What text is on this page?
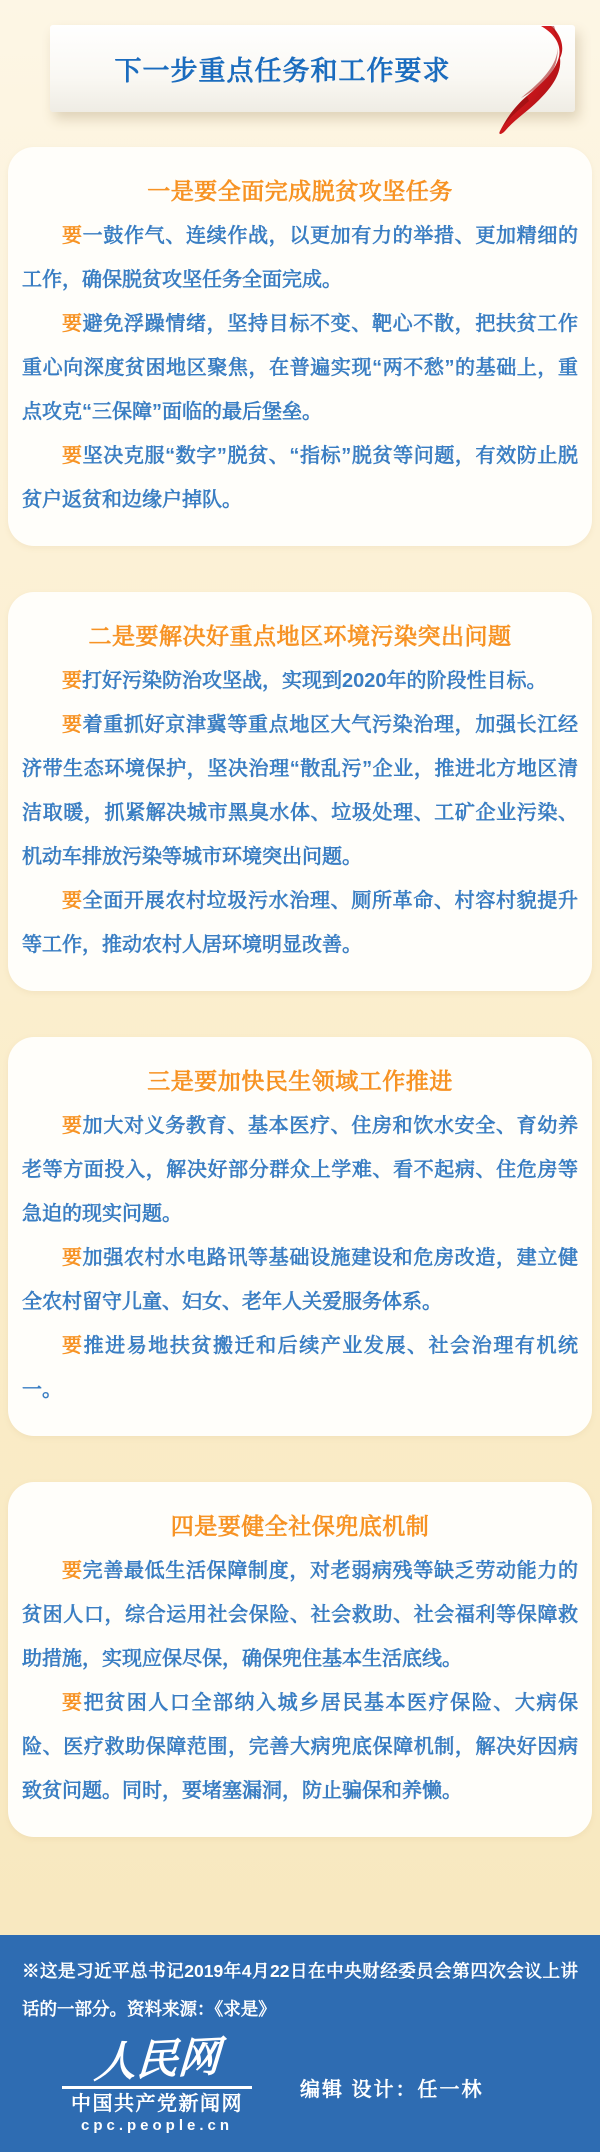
下一步重点任务和工作要求
一是要全面完成脱贫攻坚任务

要一鼓作气、连续作战，以更加有力的举措、更加精细的工作，确保脱贫攻坚任务全面完成。

要避免浮躁情绪，坚持目标不变、靶心不散，把扶贫工作重心向深度贫困地区聚焦，在普遍实现“两不愁”的基础上，重点攻克“三保障”面临的最后堡垒。

要坚决克服“数字”脱贫、“指标”脱贫等问题，有效防止脱贫户返贫和边缘户掉队。

二是要解决好重点地区环境污染突出问题

要打好污染防治攻坚战，实现到2020年的阶段性目标。

要着重抓好京津冀等重点地区大气污染治理，加强长江经济带生态环境保护，坚决治理“散乱污”企业，推进北方地区清洁取暖，抓紧解决城市黑臭水体、垃圾处理、工矿企业污染、机动车排放污染等城市环境突出问题。

要全面开展农村垃圾污水治理、厕所革命、村容村貌提升等工作，推动农村人居环境明显改善。

三是要加快民生领域工作推进

要加大对义务教育、基本医疗、住房和饮水安全、育幼养老等方面投入，解决好部分群众上学难、看不起病、住危房等急迫的现实问题。

要加强农村水电路讯等基础设施建设和危房改造，建立健全农村留守儿童、妇女、老年人关爱服务体系。

要推进易地扶贫搬迁和后续产业发展、社会治理有机统一。

四是要健全社保兜底机制

要完善最低生活保障制度，对老弱病残等缺乏劳动能力的贫困人口，综合运用社会保险、社会救助、社会福利等保障救助措施，实现应保尽保，确保兜住基本生活底线。

要把贫困人口全部纳入城乡居民基本医疗保险、大病保险、医疗救助保障范围，完善大病兜底保障机制，解决好因病致贫问题。同时，要堵塞漏洞，防止骗保和养懒。

※这是习近平总书记2019年4月22日在中央财经委员会第四次会议上讲话的一部分。资料来源：《求是》
人民网
中国共产党新闻网
cpc.people.cn
编辑 设计：任一林
